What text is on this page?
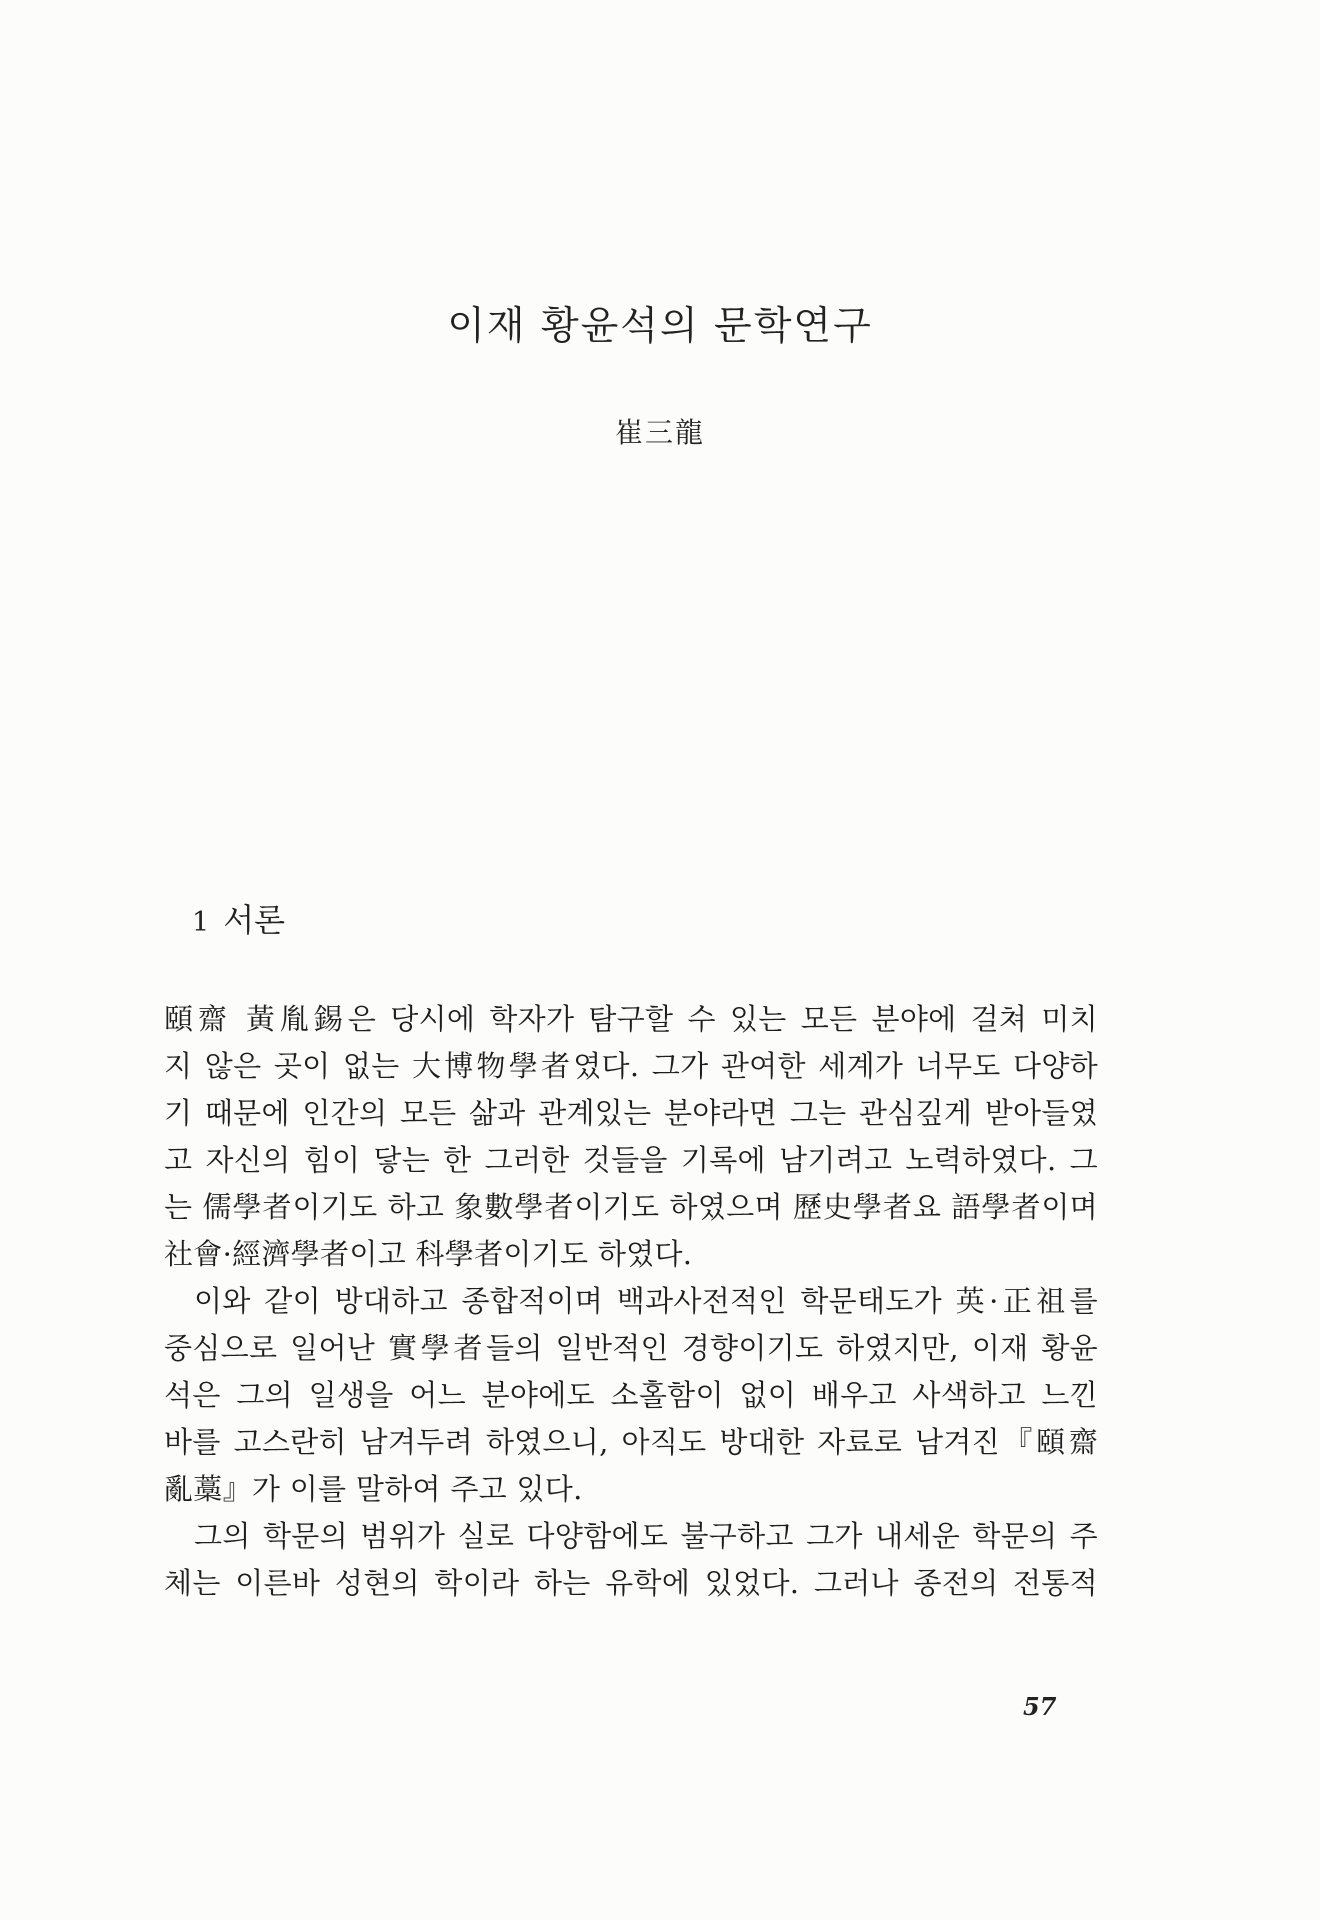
이재 황윤석의 문학연구
崔三龍
1 서론
頤齋 黃胤錫은 당시에 학자가 탐구할 수 있는 모든 분야에 걸쳐 미치
지 않은 곳이 없는 大博物學者였다. 그가 관여한 세계가 너무도 다양하
기 때문에 인간의 모든 삶과 관계있는 분야라면 그는 관심깊게 받아들였
고 자신의 힘이 닿는 한 그러한 것들을 기록에 남기려고 노력하였다. 그
는 儒學者이기도 하고 象數學者이기도 하였으며 歷史學者요 語學者이며
社會·經濟學者이고 科學者이기도 하였다.
이와 같이 방대하고 종합적이며 백과사전적인 학문태도가 英·正祖를
중심으로 일어난 實學者들의 일반적인 경향이기도 하였지만, 이재 황윤
석은 그의 일생을 어느 분야에도 소홀함이 없이 배우고 사색하고 느낀
바를 고스란히 남겨두려 하였으니, 아직도 방대한 자료로 남겨진『頤齋
亂藁』가 이를 말하여 주고 있다.
그의 학문의 범위가 실로 다양함에도 불구하고 그가 내세운 학문의 주
체는 이른바 성현의 학이라 하는 유학에 있었다. 그러나 종전의 전통적
57
